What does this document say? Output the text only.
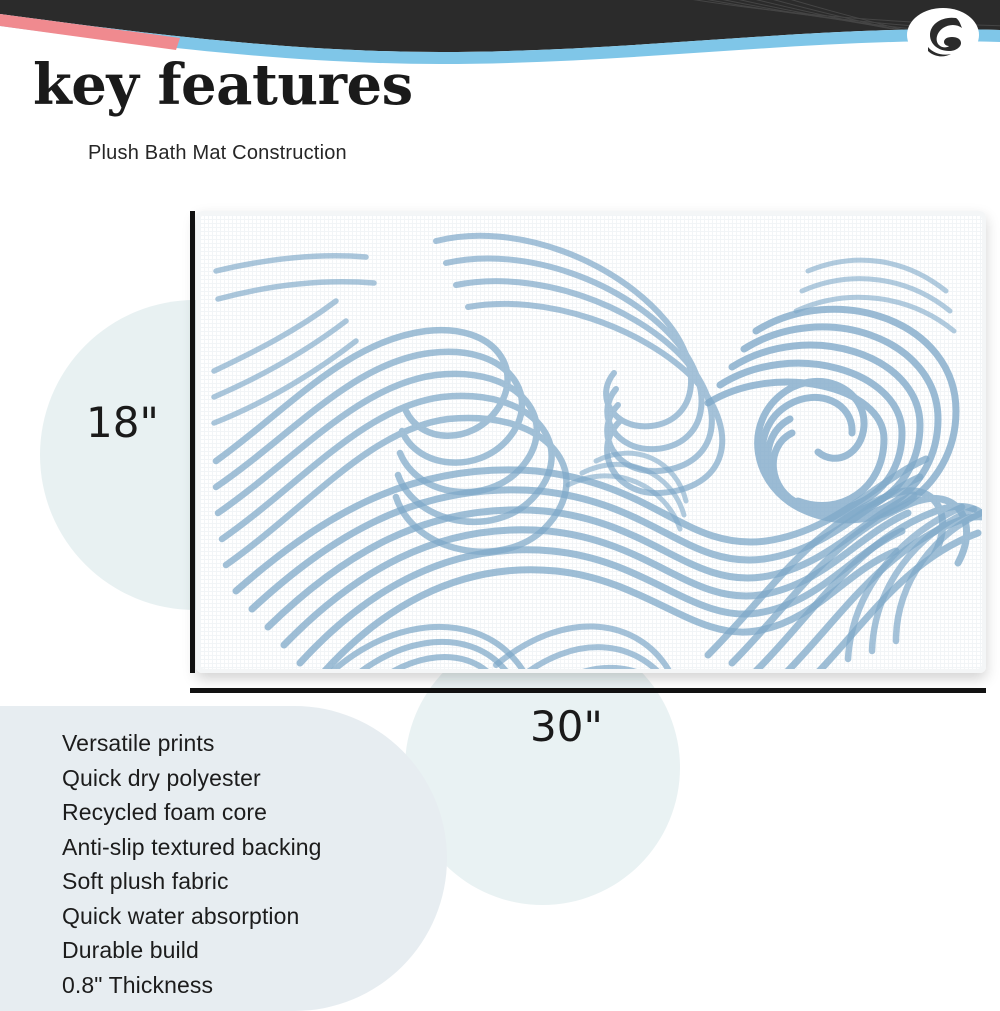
key features
Plush Bath Mat Construction
18"
30"
Versatile prints
Quick dry polyester
Recycled foam core
Anti-slip textured backing
Soft plush fabric
Quick water absorption
Durable build
0.8" Thickness
